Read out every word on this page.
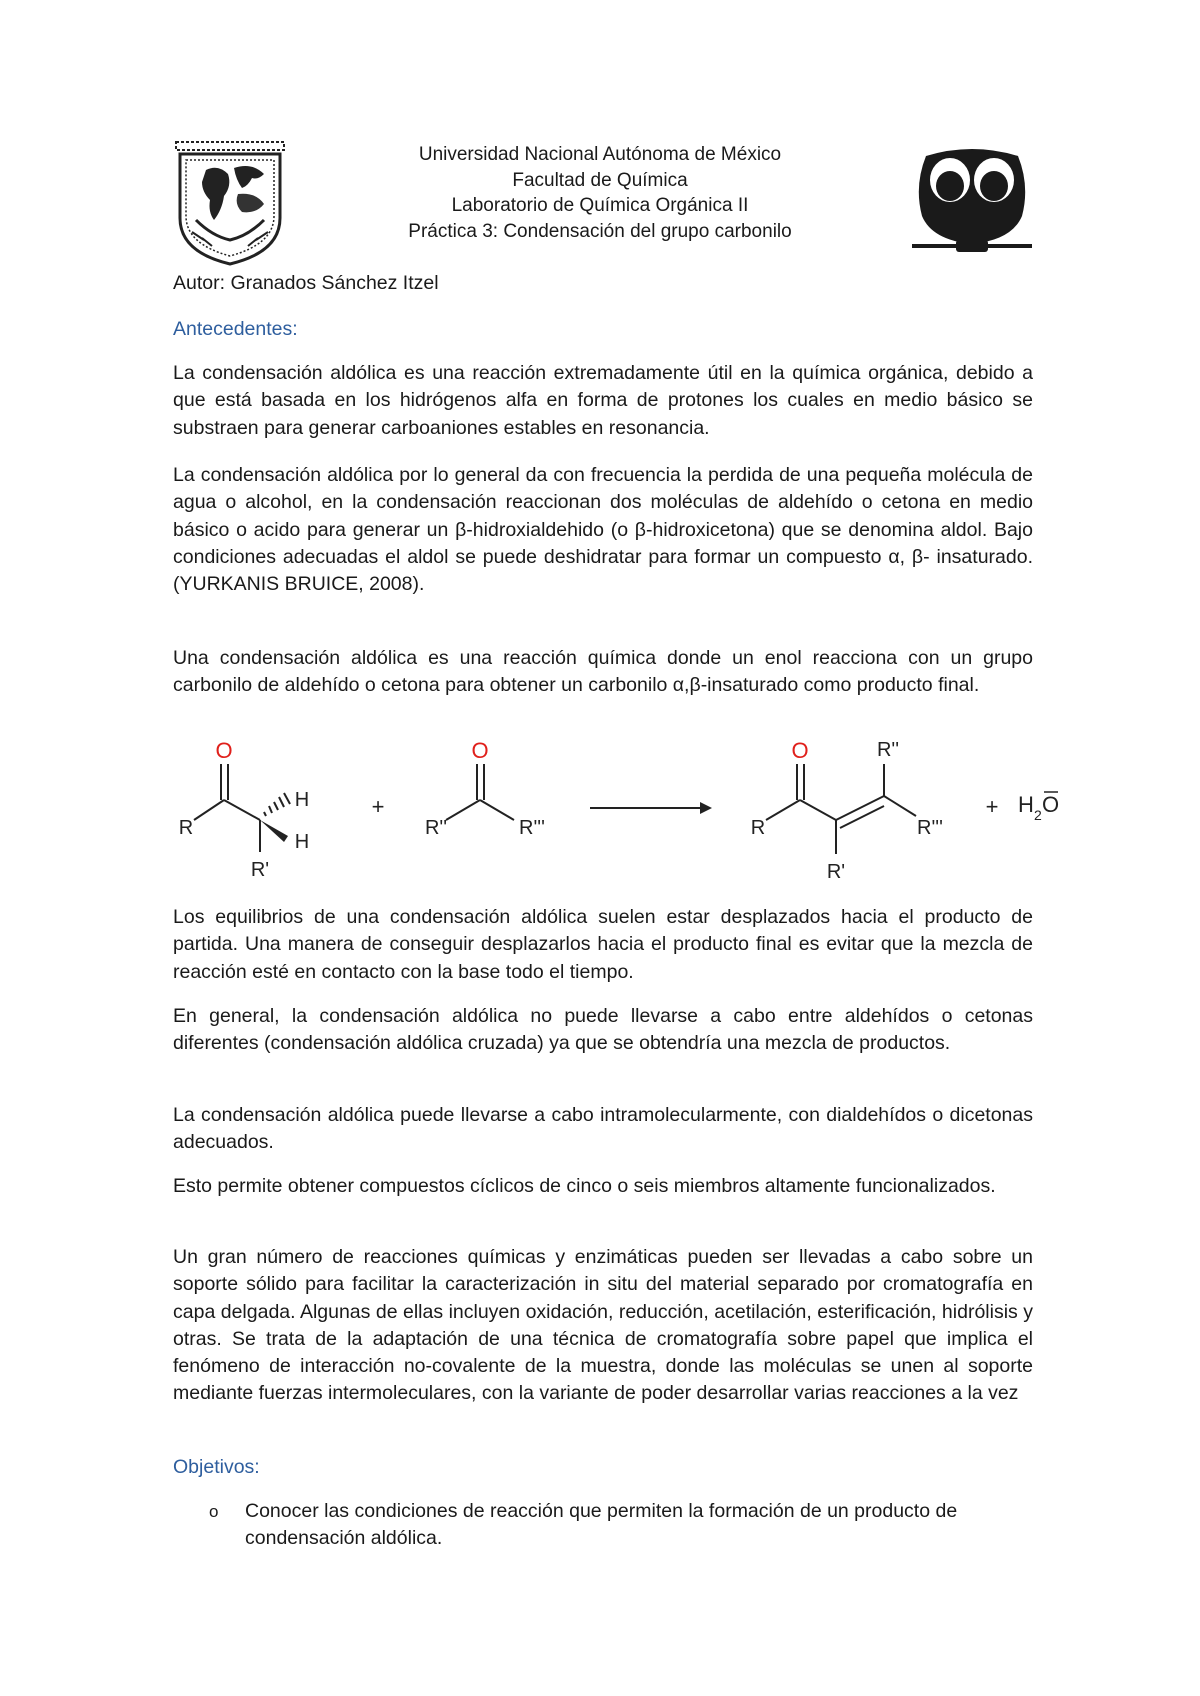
Universidad Nacional Autónoma de México
Facultad de Química
Laboratorio de Química Orgánica II
Práctica 3: Condensación del grupo carbonilo
Autor: Granados Sánchez Itzel
Antecedentes:
La condensación aldólica es una reacción extremadamente útil en la química orgánica, debido a que está basada en los hidrógenos alfa en forma de protones los cuales en medio básico se substraen para generar carboaniones estables en resonancia.
La condensación aldólica por lo general da con frecuencia la perdida de una pequeña molécula de agua o alcohol, en la condensación reaccionan dos moléculas de aldehído o cetona en medio básico o acido para generar un β-hidroxialdehido (o β-hidroxicetona) que se denomina aldol. Bajo condiciones adecuadas el aldol se puede deshidratar para formar un compuesto α, β- insaturado. (YURKANIS BRUICE, 2008).
Una condensación aldólica es una reacción química donde un enol reacciona con un grupo carbonilo de aldehído o cetona para obtener un carbonilo α,β-insaturado como producto final.
O
R
H
H
R'
+
O
R''	R'''
O
R
R'
R''
R'''
+ H 2 O
Los equilibrios de una condensación aldólica suelen estar desplazados hacia el producto de partida. Una manera de conseguir desplazarlos hacia el producto final es evitar que la mezcla de reacción esté en contacto con la base todo el tiempo.
En general, la condensación aldólica no puede llevarse a cabo entre aldehídos o cetonas diferentes (condensación aldólica cruzada) ya que se obtendría una mezcla de productos.
La condensación aldólica puede llevarse a cabo intramolecularmente, con dialdehídos o dicetonas adecuados.
Esto permite obtener compuestos cíclicos de cinco o seis miembros altamente funcionalizados.
Un gran número de reacciones químicas y enzimáticas pueden ser llevadas a cabo sobre un soporte sólido para facilitar la caracterización in situ del material separado por cromatografía en capa delgada. Algunas de ellas incluyen oxidación, reducción, acetilación, esterificación, hidrólisis y otras. Se trata de la adaptación de una técnica de cromatografía sobre papel que implica el fenómeno de interacción no-covalente de la muestra, donde las moléculas se unen al soporte mediante fuerzas intermoleculares, con la variante de poder desarrollar varias reacciones a la vez
Objetivos:
o Conocer las condiciones de reacción que permiten la formación de un producto de condensación aldólica.
